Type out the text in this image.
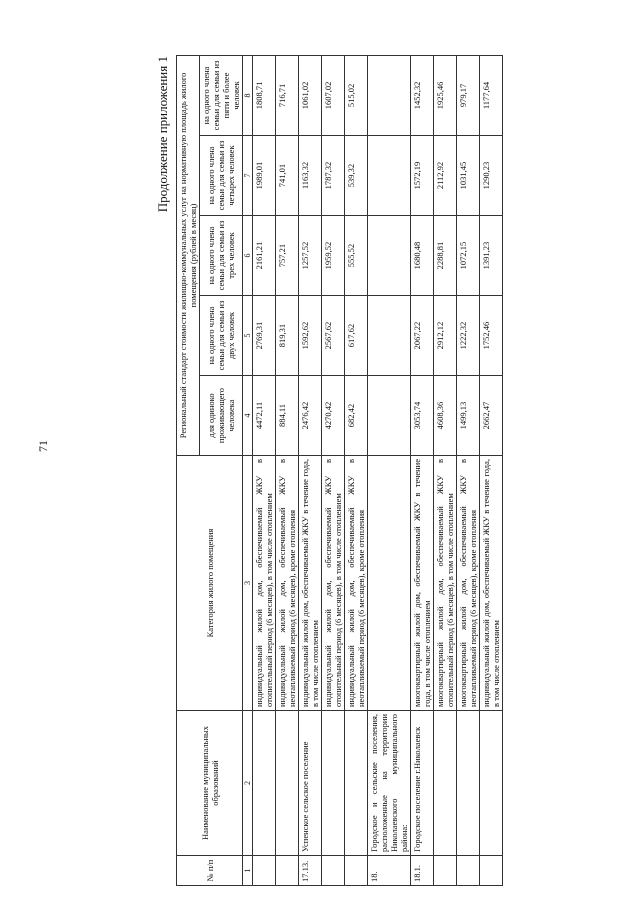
71
Продолжение приложения 1
№ п/п	Наименование муниципальных образований	Категория жилого помещения	Региональный стандарт стоимости жилищно-коммунальных услуг на нормативную площадь жилого помещения (рублей в месяц)				
			для одиноко проживающего человека	на одного члена семьи для семьи из двух человек	на одного члена семьи для семьи из трех человек	на одного члена семьи для семьи из четырех человек	на одного члена семьи для семьи из пяти и более человек
1	2	3	4	5	6	7	8
		индивидуальный жилой дом, обеспечиваемый ЖКУ в отопительный период (6 месяцев), в том числе отоплением	4472,11	2769,31	2161,21	1989,01	1808,71
		индивидуальный жилой дом, обеспечиваемый ЖКУ в неотапливаемый период (6 месяцев), кроме отопления	884,11	819,31	757,21	741,01	716,71
17.13.	Успенское сельское поселение	индивидуальный жилой дом, обеспечиваемый ЖКУ в течение года, в том числе отоплением	2476,42	1592,62	1257,52	1163,32	1061,02
		индивидуальный жилой дом, обеспечиваемый ЖКУ в отопительный период (6 месяцев), в том числе отоплением	4270,42	2567,62	1959,52	1787,32	1607,02
		индивидуальный жилой дом, обеспечиваемый ЖКУ в неотапливаемый период (6 месяцев), кроме отопления	682,42	617,62	555,52	539,32	515,02
18.	Городское и сельские поселения, расположенные на территории Николаевского муниципального района:						
18.1.	Городское поселение г.Николаевск	многоквартирный жилой дом, обеспечиваемый ЖКУ в течение года, в том числе отоплением	3053,74	2067,22	1680,48	1572,19	1452,32
		многоквартирный жилой дом, обеспечиваемый ЖКУ в отопительный период (6 месяцев), в том числе отоплением	4608,36	2912,12	2288,81	2112,92	1925,46
		многоквартирный жилой дом, обеспечиваемый ЖКУ в неотапливаемый период (6 месяцев), кроме отопления	1499,13	1222,32	1072,15	1031,45	979,17
		индивидуальный жилой дом, обеспечиваемый ЖКУ в течение года, в том числе отоплением	2662,47	1752,46	1391,23	1290,23	1177,64
